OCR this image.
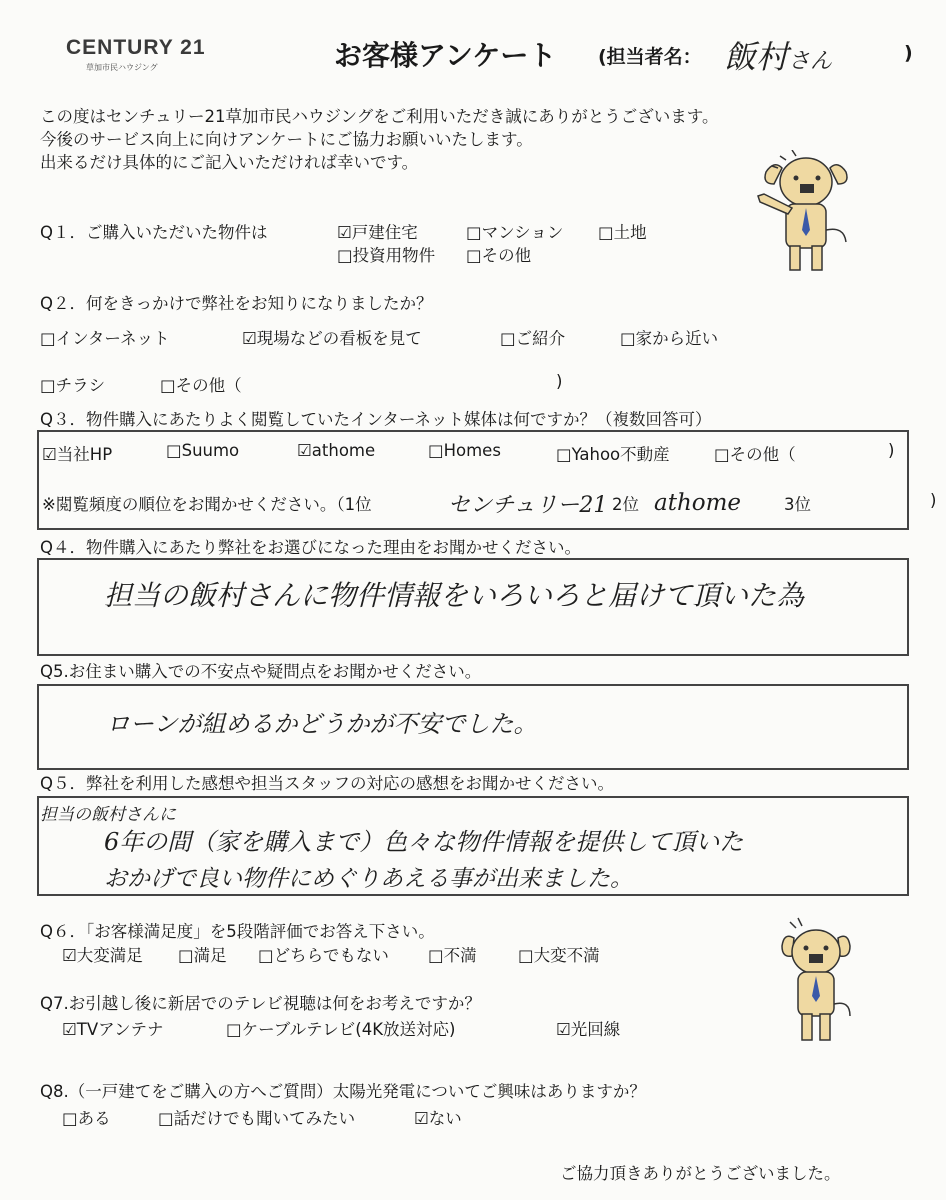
CENTURY 21
草加市民ハウジング	お客様アンケート (担当者名： 飯村さん	)
この度はセンチュリー21草加市民ハウジングをご利用いただき誠にありがとうございます。
今後のサービス向上に向けアンケートにご協力お願いいたします。
出来るだけ具体的にご記入いただければ幸いです。
Q１．ご購入いただいた物件は	☑戸建住宅	□マンション □土地
□投資用物件 □その他
Q２．何をきっかけで弊社をお知りになりましたか？
□インターネット	☑現場などの看板を見て	□ご紹介	□家から近い
□チラシ	□その他（	)
Q３．物件購入にあたりよく閲覧していたインターネット媒体は何ですか？（複数回答可）
☑当社HP	□Suumo	☑athome	□Homes	□Yahoo不動産	□その他（	)
※閲覧頻度の順位をお聞かせください。（1位	センチュリー21 2位 athome	3位	)
Q４．物件購入にあたり弊社をお選びになった理由をお聞かせください。
担当の飯村さんに物件情報をいろいろと届けて頂いた為
Q5.お住まい購入での不安点や疑問点をお聞かせください。
ローンが組めるかどうかが不安でした。
Q５．弊社を利用した感想や担当スタッフの対応の感想をお聞かせください。
担当の飯村さんに
6年の間（家を購入まで）色々な物件情報を提供して頂いた
おかげで良い物件にめぐりあえる事が出来ました。
Q６．「お客様満足度」を5段階評価でお答え下さい。
☑大変満足 □満足 □どちらでもない □不満	□大変不満
Q7.お引越し後に新居でのテレビ視聴は何をお考えですか？
☑TVアンテナ	□ケーブルテレビ(4K放送対応)	☑光回線
Q8.（一戸建てをご購入の方へご質問）太陽光発電についてご興味はありますか？
□ある	□話だけでも聞いてみたい	☑ない
ご協力頂きありがとうございました。
